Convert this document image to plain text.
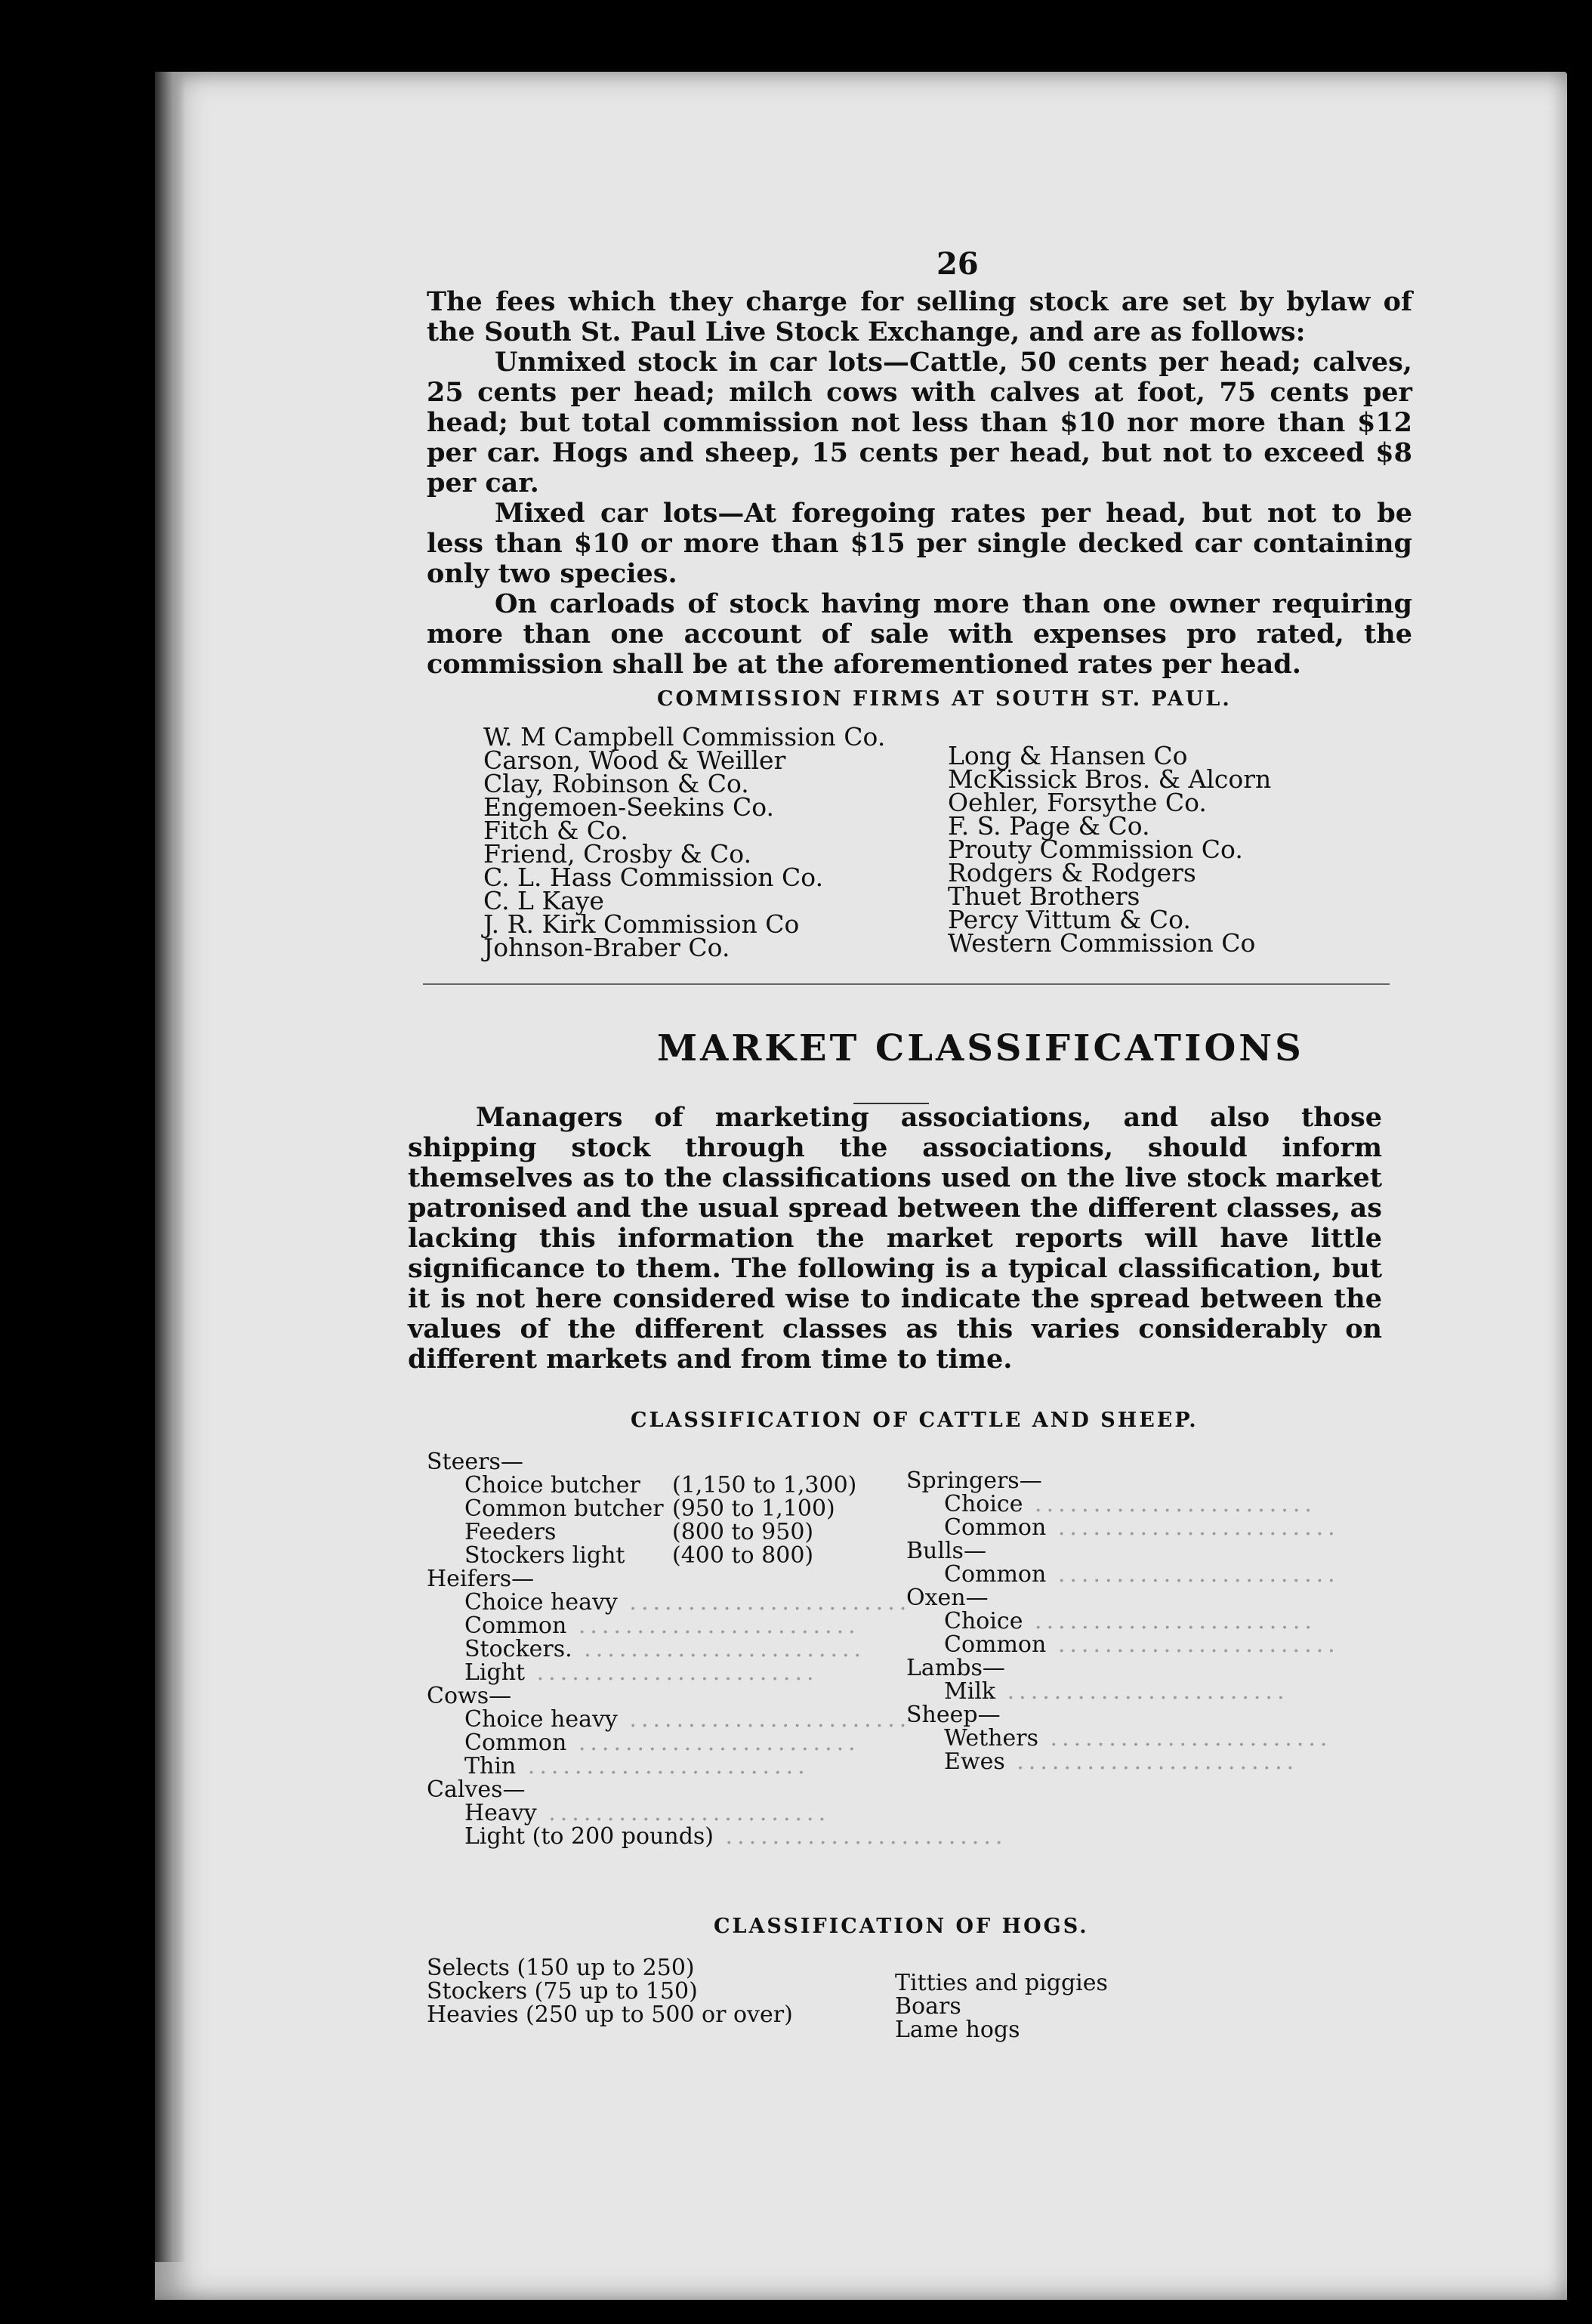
26

The fees which they charge for selling stock are set by bylaw of the South St. Paul Live Stock Exchange, and are as follows:

Unmixed stock in car lots—Cattle, 50 cents per head; calves, 25 cents per head; milch cows with calves at foot, 75 cents per head; but total commission not less than $10 nor more than $12 per car. Hogs and sheep, 15 cents per head, but not to exceed $8 per car.

Mixed car lots—At foregoing rates per head, but not to be less than $10 or more than $15 per single decked car containing only two species.

On carloads of stock having more than one owner requiring more than one account of sale with expenses pro rated, the commission shall be at the aforementioned rates per head.

COMMISSION FIRMS AT SOUTH ST. PAUL.
W. M Campbell Commission Co.
Carson, Wood & Weiller
Clay, Robinson & Co.
Engemoen-Seekins Co.
Fitch & Co.
Friend, Crosby & Co.
C. L. Hass Commission Co.
C. L Kaye
J. R. Kirk Commission Co
Johnson-Braber Co.
Long & Hansen Co
McKissick Bros. & Alcorn
Oehler, Forsythe Co.
F. S. Page & Co.
Prouty Commission Co.
Rodgers & Rodgers
Thuet Brothers
Percy Vittum & Co.
Western Commission Co
MARKET CLASSIFICATIONS

Managers of marketing associations, and also those shipping stock through the associations, should inform themselves as to the classifications used on the live stock market patronised and the usual spread between the different classes, as lacking this information the market reports will have little significance to them. The following is a typical classification, but it is not here considered wise to indicate the spread between the values of the different classes as this varies considerably on different markets and from time to time.

CLASSIFICATION OF CATTLE AND SHEEP.
Steers—
Choice butcher (1,150 to 1,300)
Common butcher (950 to 1,100)
Feeders	(800 to 950)
Stockers light (400 to 800)
Heifers—
Choice heavy ........................
Common ........................
Stockers. ........................
Light ........................
Cows—
Choice heavy ........................
Common ........................
Thin ........................
Calves—
Heavy ........................
Light (to 200 pounds) ........................
Springers—
Choice ........................
Common ........................
Bulls—
Common ........................
Oxen—
Choice ........................
Common ........................
Lambs—
Milk ........................
Sheep—
Wethers ........................
Ewes ........................
CLASSIFICATION OF HOGS.
Selects (150 up to 250)
Stockers (75 up to 150)
Heavies (250 up to 500 or over)
Titties and piggies
Boars
Lame hogs
